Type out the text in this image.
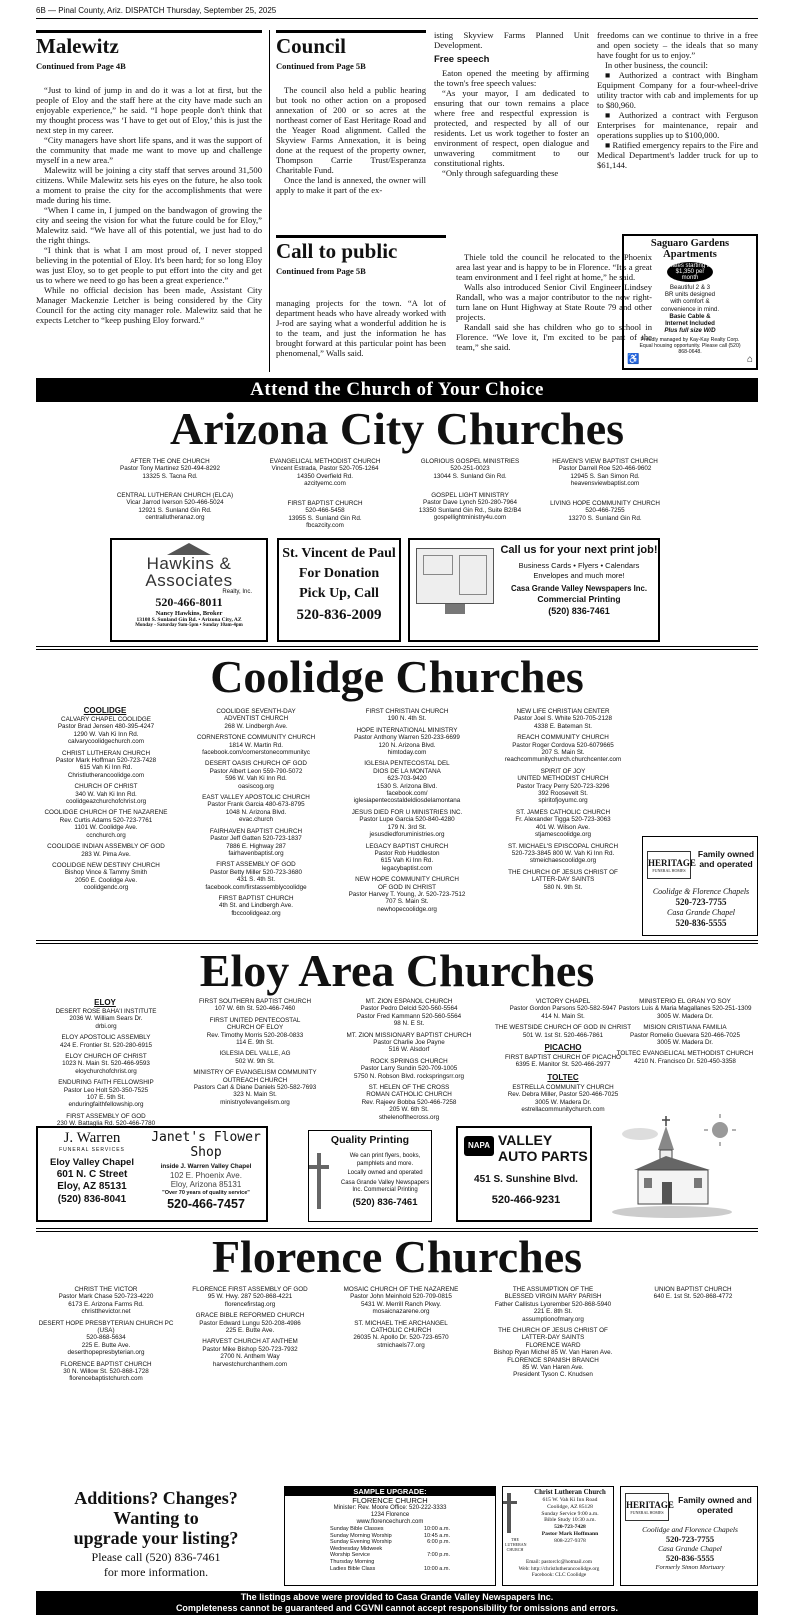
6B — Pinal County, Ariz. DISPATCH Thursday, September 25, 2025
Malewitz
Continued from Page 4B

“Just to kind of jump in and do it was a lot at first, but the people of Eloy and the staff here at the city have made such an enjoyable experience,” he said. “I hope people don't think that my thought process was ‘I have to get out of Eloy,’ this is just the next step in my career.

“City managers have short life spans, and it was the support of the community that made me want to move up and challenge myself in a new area.”

Malewitz will be joining a city staff that serves around 31,500 citizens. While Malewitz sets his eyes on the future, he also took a moment to praise the city for the accomplishments that were made during his time.

“When I came in, I jumped on the bandwagon of growing the city and seeing the vision for what the future could be for Eloy,” Malewitz said. “We have all of this potential, we just had to do the right things.

“I think that is what I am most proud of, I never stopped believing in the potential of Eloy. It's been hard; for so long Eloy was just Eloy, so to get people to put effort into the city and get us to where we need to go has been a great experience.”

While no official decision has been made, Assistant City Manager Mackenzie Letcher is being considered by the City Council for the acting city manager role. Malewitz said that he expects Letcher to “keep pushing Eloy forward.”

Council
Continued from Page 5B

The council also held a public hearing but took no other action on a proposed annexation of 200 or so acres at the northeast corner of East Heritage Road and the Yeager Road alignment. Called the Skyview Farms Annexation, it is being done at the request of the property owner, Thompson Carrie Trust/Esperanza Charitable Fund.

Once the land is annexed, the owner will apply to make it part of the ex-

isting Skyview Farms Planned Unit Development.

Free speech

Eaton opened the meeting by affirming the town's free speech values:

“As your mayor, I am dedicated to ensuring that our town remains a place where free and respectful expression is protected, and respected by all of our residents. Let us work together to foster an environment of respect, open dialogue and unwavering commitment to our constitutional rights.

“Only through safeguarding these

freedoms can we continue to thrive in a free and open society – the ideals that so many have fought for us to enjoy.”

In other business, the council:

■ Authorized a contract with Bingham Equipment Company for a four-wheel-drive utility tractor with cab and implements for up to $80,960.

■ Authorized a contract with Ferguson Enterprises for maintenance, repair and operations supplies up to $100,000.

■ Ratified emergency repairs to the Fire and Medical Department's ladder truck for up to $61,144.

Call to public
Continued from Page 5B

managing projects for the town. “A lot of department heads who have already worked with J-rod are saying what a wonderful addition he is to the team, and just the information he has brought forward at this particular point has been phenomenal,” Walls said.

Thiele told the council he relocated to the Phoenix area last year and is happy to be in Florence. “It's a great team environment and I feel right at home,” he said.

Walls also introduced Senior Civil Engineer Lindsey Randall, who was a major contributor to the new right-turn lane on Hunt Highway at State Route 79 and other projects.

Randall said she has children who go to school in Florence. “We love it, I'm excited to be part of the team,” she said.

Saguaro Gardens Apartments
Rates starting at $1,350 per month
Beautiful 2 & 3
BR units designed
with comfort &
convenience in mind.
Basic Cable &
Internet Included
Plus full size W/D
Proudly managed by Kay-Kay Realty Corp. Equal housing opportunity. Please call (520) 868-0648.
♿	⌂
Attend the Church of Your Choice
Arizona City Churches
AFTER THE ONE CHURCH
Pastor Tony Martinez 520-494-8292
13325 S. Tacna Rd.
EVANGELICAL METHODIST CHURCH
Vincent Estrada, Pastor 520-705-1264
14350 Overfield Rd.
azcityemc.com
GLORIOUS GOSPEL MINISTRIES
520-251-0023
13044 S. Sunland Gin Rd.
HEAVEN'S VIEW BAPTIST CHURCH
Pastor Darrell Roe 520-466-9602
12945 S. San Simon Rd.
heavensviewbaptist.com
CENTRAL LUTHERAN CHURCH (ELCA)
Vicar Jarrod Iverson 520-466-5024
12921 S. Sunland Gin Rd.
centrallutheranaz.org
FIRST BAPTIST CHURCH
520-466-5458
13955 S. Sunland Gin Rd.
fbcazcity.com
GOSPEL LIGHT MINISTRY
Pastor Dave Lynch 520-280-7964
13350 Sunland Gin Rd., Suite B2/B4
gospellightministry4u.com
LIVING HOPE COMMUNITY CHURCH
520-466-7255
13270 S. Sunland Gin Rd.
Hawkins & Associates
Realty, Inc.
520-466-8011
Nancy Hawkins, Broker
13108 S. Sunland Gin Rd. • Arizona City, AZ
Monday - Saturday 9am-5pm • Sunday 10am-4pm
St. Vincent de Paul
For Donation
Pick Up, Call
520-836-2009
Call us for your next print job!
Business Cards • Flyers • Calendars
Envelopes and much more!
Casa Grande Valley Newspapers Inc.
Commercial Printing
(520) 836-7461
Coolidge Churches
COOLIDGE
CALVARY CHAPEL COOLIDGE
Pastor Brad Jensen 480-395-4247
1290 W. Vah Ki Inn Rd.
calvarycoolidgechurch.com
CHRIST LUTHERAN CHURCH
Pastor Mark Hoffman 520-723-7428
615 Vah Ki Inn Rd.
Christlutherancoolidge.com
CHURCH OF CHRIST
340 W. Vah Ki Inn Rd.
coolidgeazchurchofchrist.org
COOLIDGE CHURCH OF THE NAZARENE
Rev. Curtis Adams 520-723-7761
1101 W. Coolidge Ave.
ccnchurch.org
COOLIDGE INDIAN ASSEMBLY OF GOD
283 W. Pima Ave.
COOLIDGE NEW DESTINY CHURCH
Bishop Vince & Tammy Smith
2050 E. Coolidge Ave.
coolidgendc.org
COOLIDGE SEVENTH-DAY
ADVENTIST CHURCH
268 W. Lindbergh Ave.
CORNERSTONE COMMUNITY CHURCH
1814 W. Martin Rd.
facebook.com/cornerstonecommunityc
DESERT OASIS CHURCH OF GOD
Pastor Albert Leon 559-790-5072
596 W. Vah Ki Inn Rd.
oasiscog.org
EAST VALLEY APOSTOLIC CHURCH
Pastor Frank Garcia 480-673-8795
1048 N. Arizona Blvd.
evac.church
FAIRHAVEN BAPTIST CHURCH
Pastor Jeff Gatten 520-723-1837
7886 E. Highway 287
fairhavenbaptist.org
FIRST ASSEMBLY OF GOD
Pastor Betty Miller 520-723-3680
431 S. 4th St.
facebook.com/firstassemblycoolidge
FIRST BAPTIST CHURCH
4th St. and Lindbergh Ave.
fbccoolidgeaz.org
FIRST CHRISTIAN CHURCH
190 N. 4th St.
HOPE INTERNATIONAL MINISTRY
Pastor Anthony Warren 520-233-6699
120 N. Arizona Blvd.
himtoday.com
IGLESIA PENTECOSTAL DEL
DIOS DE LA MONTANA
623-703-9420
1530 S. Arizona Blvd.
facebook.com/
iglesiapentecostaldeldiosdelamontana
JESUS DIED FOR U MINISTRIES INC.
Pastor Lupe Garcia 520-840-4280
179 N. 3rd St.
jesusdiedforuministries.org
LEGACY BAPTIST CHURCH
Pastor Rob Huddleston
615 Vah Ki Inn Rd.
legacybaptist.com
NEW HOPE COMMUNITY CHURCH
OF GOD IN CHRIST
Pastor Harvey T. Young, Jr. 520-723-7512
707 S. Main St.
newhopecoolidge.org
NEW LIFE CHRISTIAN CENTER
Pastor Joel S. White 520-705-2128
4338 E. Bateman St.
REACH COMMUNITY CHURCH
Pastor Roger Cordova 520-6079665
207 S. Main St.
reachcommunitychurch.churchcenter.com
SPIRIT OF JOY
UNITED METHODIST CHURCH
Pastor Tracy Perry 520-723-3296
392 Roosevelt St.
spiritofjoyumc.org
ST. JAMES CATHOLIC CHURCH
Fr. Alexander Tigga 520-723-3063
401 W. Wilson Ave.
stjamescoolidge.org
ST. MICHAEL'S EPISCOPAL CHURCH
520-723-3845 800 W. Vah Ki Inn Rd.
stmeichaescoolidge.org
THE CHURCH OF JESUS CHRIST OF
LATTER-DAY SAINTS
580 N. 9th St.
HERITAGE
FUNERAL HOMES
Family owned and operated
Coolidge & Florence Chapels
520-723-7755
Casa Grande Chapel
520-836-5555
Eloy Area Churches
ELOY
DESERT ROSE BAHA'I INSTITUTE
2036 W. William Sears Dr.
drbi.org
ELOY APOSTOLIC ASSEMBLY
424 E. Frontier St. 520-280-6915
ELOY CHURCH OF CHRIST
1023 N. Main St. 520-466-9593
eloychurchofchrist.org
ENDURING FAITH FELLOWSHIP
Pastor Leo Holt 520-350-7525
107 E. 5th St.
enduringfaithfellowship.org
FIRST ASSEMBLY OF GOD
230 W. Battaglia Rd. 520-466-7780
FIRST SOUTHERN BAPTIST CHURCH
107 W. 6th St. 520-466-7460
FIRST UNITED PENTECOSTAL
CHURCH OF ELOY
Rev. Timothy Morris 520-208-0833
114 E. 9th St.
IGLESIA DEL VALLE, AG
502 W. 9th St.
MINISTRY OF EVANGELISM COMMUNITY
OUTREACH CHURCH
Pastors Carl & Diane Daniels 520-582-7693
323 N. Main St.
ministryofevangelism.org
MT. ZION ESPANOL CHURCH
Pastor Pedro Delcid 520-560-5564
Pastor Fred Kammann 520-560-5564
98 N. E St.
MT. ZION MISSIONARY BAPTIST CHURCH
Pastor Charlie Joe Payne
516 W. Alsdorf
ROCK SPRINGS CHURCH
Pastor Larry Sundin 520-709-1005
5750 N. Robson Blvd. rockspringsrr.org
ST. HELEN OF THE CROSS
ROMAN CATHOLIC CHURCH
Rev. Rajeev Bobba 520-466-7258
205 W. 6th St.
sthelenofthecross.org
VICTORY CHAPEL
Pastor Gordon Parsons 520-582-5947
414 N. Main St.
THE WESTSIDE CHURCH OF GOD IN CHRIST
501 W. 1st St. 520-466-7861
PICACHO
FIRST BAPTIST CHURCH OF PICACHO
6395 E. Manitor St. 520-466-2977
TOLTEC
ESTRELLA COMMUNITY CHURCH
Rev. Debra Miller, Pastor 520-466-7025
3005 W. Madera Dr.
estrellacommunitychurch.com
MINISTERIO EL GRAN YO SOY
Pastors Luis & Maria Magallanes 520-251-1309
3005 W. Madera Dr.
MISION CRISTIANA FAMILIA
Pastor Romelio Guevara 520-466-7025
3005 W. Madera Dr.
TOLTEC EVANGELICAL METHODIST CHURCH
4210 N. Francisco Dr. 520-450-3358
J. Warren
FUNERAL SERVICES
Eloy Valley Chapel
601 N. C Street
Eloy, AZ 85131
(520) 836-8041
Janet's Flower Shop
inside J. Warren Valley Chapel
102 E. Phoenix Ave.
Eloy, Arizona 85131
"Over 70 years of quality service"
520-466-7457
Quality Printing
We can print flyers, books, pamphlets and more.
Locally owned and operated
Casa Grande Valley Newspapers Inc. Commercial Printing
(520) 836-7461
NAPA VALLEY AUTO PARTS
451 S. Sunshine Blvd.
520-466-9231
Florence Churches
CHRIST THE VICTOR
Pastor Mark Chase 520-723-4220
6173 E. Arizona Farms Rd.
christthevictor.net
DESERT HOPE PRESBYTERIAN CHURCH PC (USA)
520-868-5634
225 E. Butte Ave.
deserthopepresbyterian.org
FLORENCE BAPTIST CHURCH
30 N. Willow St. 520-868-1728
florencebaptistchurch.com
FLORENCE FIRST ASSEMBLY OF GOD
95 W. Hwy. 287 520-868-4221
florencefirstag.org
GRACE BIBLE REFORMED CHURCH
Pastor Edward Lungu 520-208-4986
225 E. Butte Ave.
HARVEST CHURCH AT ANTHEM
Pastor Mike Bishop 520-723-7932
2700 N. Anthem Way
harvestchurchanthem.com
MOSAIC CHURCH OF THE NAZARENE
Pastor John Meinhold 520-709-0815
5431 W. Merrill Ranch Pkwy.
mosaicnazarene.org
ST. MICHAEL THE ARCHANGEL
CATHOLIC CHURCH
26035 N. Apollo Dr. 520-723-6570
stmichaels77.org
THE ASSUMPTION OF THE
BLESSED VIRGIN MARY PARISH
Father Callistus Lyorember 520-868-5940
221 E. 8th St.
assumptionofmary.org
THE CHURCH OF JESUS CHRIST OF
LATTER-DAY SAINTS
FLORENCE WARD
Bishop Ryan Michel 85 W. Van Haren Ave.
FLORENCE SPANISH BRANCH
85 W. Van Haren Ave.
President Tyson C. Knudsen
UNION BAPTIST CHURCH
640 E. 1st St. 520-868-4772
Additions? Changes?
Wanting to
upgrade your listing?
Please call (520) 836-7461
for more information.
SAMPLE UPGRADE:
FLORENCE CHURCH
Minister: Rev. Moore Office: 520-222-3333
1234 Florence
www.florencechurch.com
Sunday Bible Classes	10:00 a.m.
Sunday Morning Worship	10:45 a.m.
Sunday Evening Worship	6:00 p.m.
Wednesday Midweek
Worship Service	7:00 p.m.
Thursday Morning
Ladies Bible Class	10:00 a.m.
THE LUTHERAN CHURCH
Christ Lutheran Church
615 W. Vah Ki Inn Road
Coolidge, AZ 85128
Sunday Service 9:00 a.m.
Bible Study 10:30 a.m.
520-723-7428
Pastor Mark Hoffmann
808-227-9378
Email: pastorclc@hotmail.com
Web: http://christlutherancoolidge.org
Facebook: CLC Coolidge
HERITAGE
FUNERAL HOMES
Family owned and operated
Coolidge and Florence Chapels
520-723-7755
Casa Grande Chapel
520-836-5555
Formerly Simon Mortuary
The listings above were provided to Casa Grande Valley Newspapers Inc.
Completeness cannot be guaranteed and CGVNI cannot accept responsibility for omissions and errors.
